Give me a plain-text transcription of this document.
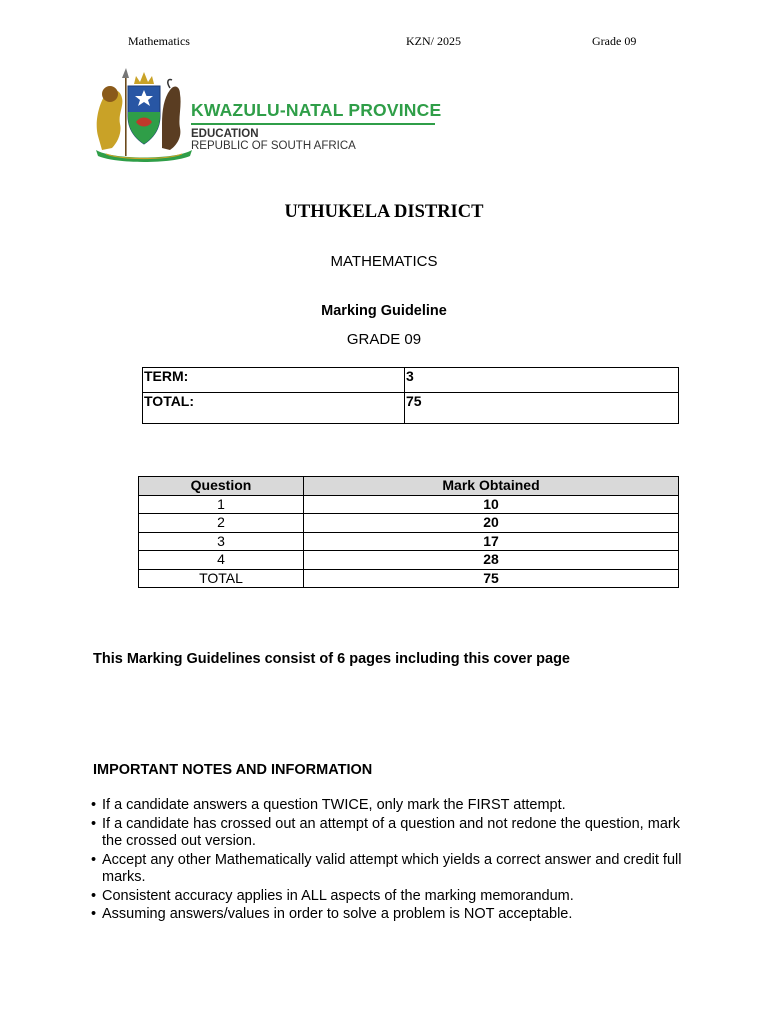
Mathematics	KZN/ 2025	Grade 09
KWAZULU-NATAL PROVINCE
EDUCATION
REPUBLIC OF SOUTH AFRICA
UTHUKELA DISTRICT
MATHEMATICS
Marking Guideline
GRADE 09
TERM:	3
TOTAL:	75
Question	Mark Obtained
1	10
2	20
3	17
4	28
TOTAL	75
This Marking Guidelines consist of 6 pages including this cover page
IMPORTANT NOTES AND INFORMATION
• If a candidate answers a question TWICE, only mark the FIRST attempt.
• If a candidate has crossed out an attempt of a question and not redone the question, mark the crossed out version.
• Accept any other Mathematically valid attempt which yields a correct answer and credit full     marks.
• Consistent accuracy applies in ALL aspects of the marking memorandum.
• Assuming answers/values in order to solve a problem is NOT acceptable.
